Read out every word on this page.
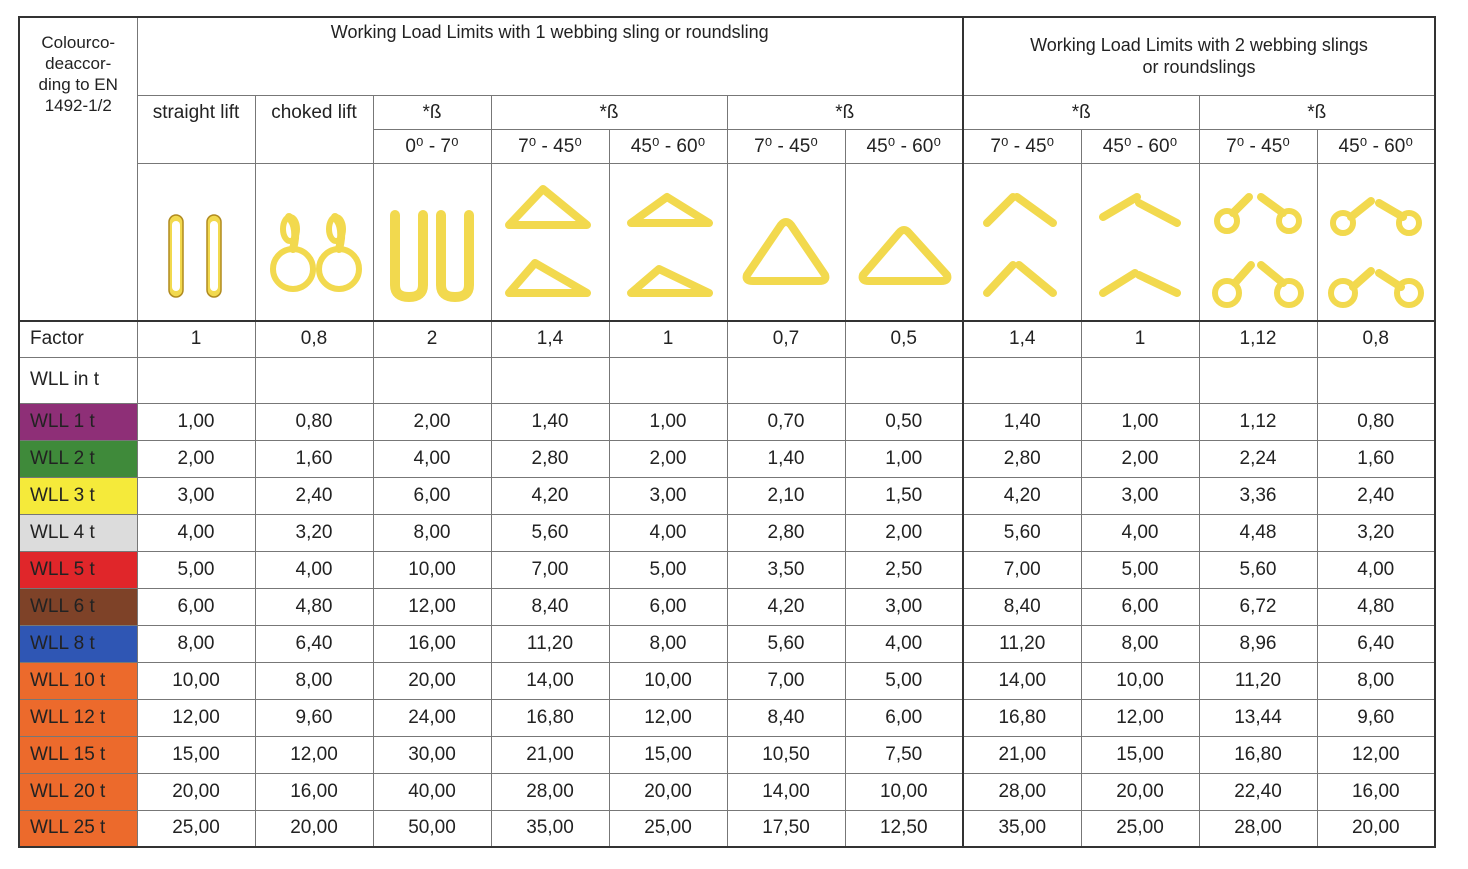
Colourco-
deaccor-
ding to EN
1492-1/2	Working Load Limits with 1 webbing sling or roundsling							Working Load Limits with 2 webbing slings
or roundslings			
	straight lift	choked lift	*ß	*ß		*ß		*ß		*ß	
			0⁰ - 7⁰	7⁰ - 45⁰	45⁰ - 60⁰	7⁰ - 45⁰	45⁰ - 60⁰	7⁰ - 45⁰	45⁰ - 60⁰	7⁰ - 45⁰	45⁰ - 60⁰

Factor	1	0,8	2	1,4	1	0,7	0,5	1,4	1	1,12	0,8
WLL in t											
WLL 1 t	1,00	0,80	2,00	1,40	1,00	0,70	0,50	1,40	1,00	1,12	0,80
WLL 2 t	2,00	1,60	4,00	2,80	2,00	1,40	1,00	2,80	2,00	2,24	1,60
WLL 3 t	3,00	2,40	6,00	4,20	3,00	2,10	1,50	4,20	3,00	3,36	2,40
WLL 4 t	4,00	3,20	8,00	5,60	4,00	2,80	2,00	5,60	4,00	4,48	3,20
WLL 5 t	5,00	4,00	10,00	7,00	5,00	3,50	2,50	7,00	5,00	5,60	4,00
WLL 6 t	6,00	4,80	12,00	8,40	6,00	4,20	3,00	8,40	6,00	6,72	4,80
WLL 8 t	8,00	6,40	16,00	11,20	8,00	5,60	4,00	11,20	8,00	8,96	6,40
WLL 10 t	10,00	8,00	20,00	14,00	10,00	7,00	5,00	14,00	10,00	11,20	8,00
WLL 12 t	12,00	9,60	24,00	16,80	12,00	8,40	6,00	16,80	12,00	13,44	9,60
WLL 15 t	15,00	12,00	30,00	21,00	15,00	10,50	7,50	21,00	15,00	16,80	12,00
WLL 20 t	20,00	16,00	40,00	28,00	20,00	14,00	10,00	28,00	20,00	22,40	16,00
WLL 25 t	25,00	20,00	50,00	35,00	25,00	17,50	12,50	35,00	25,00	28,00	20,00
